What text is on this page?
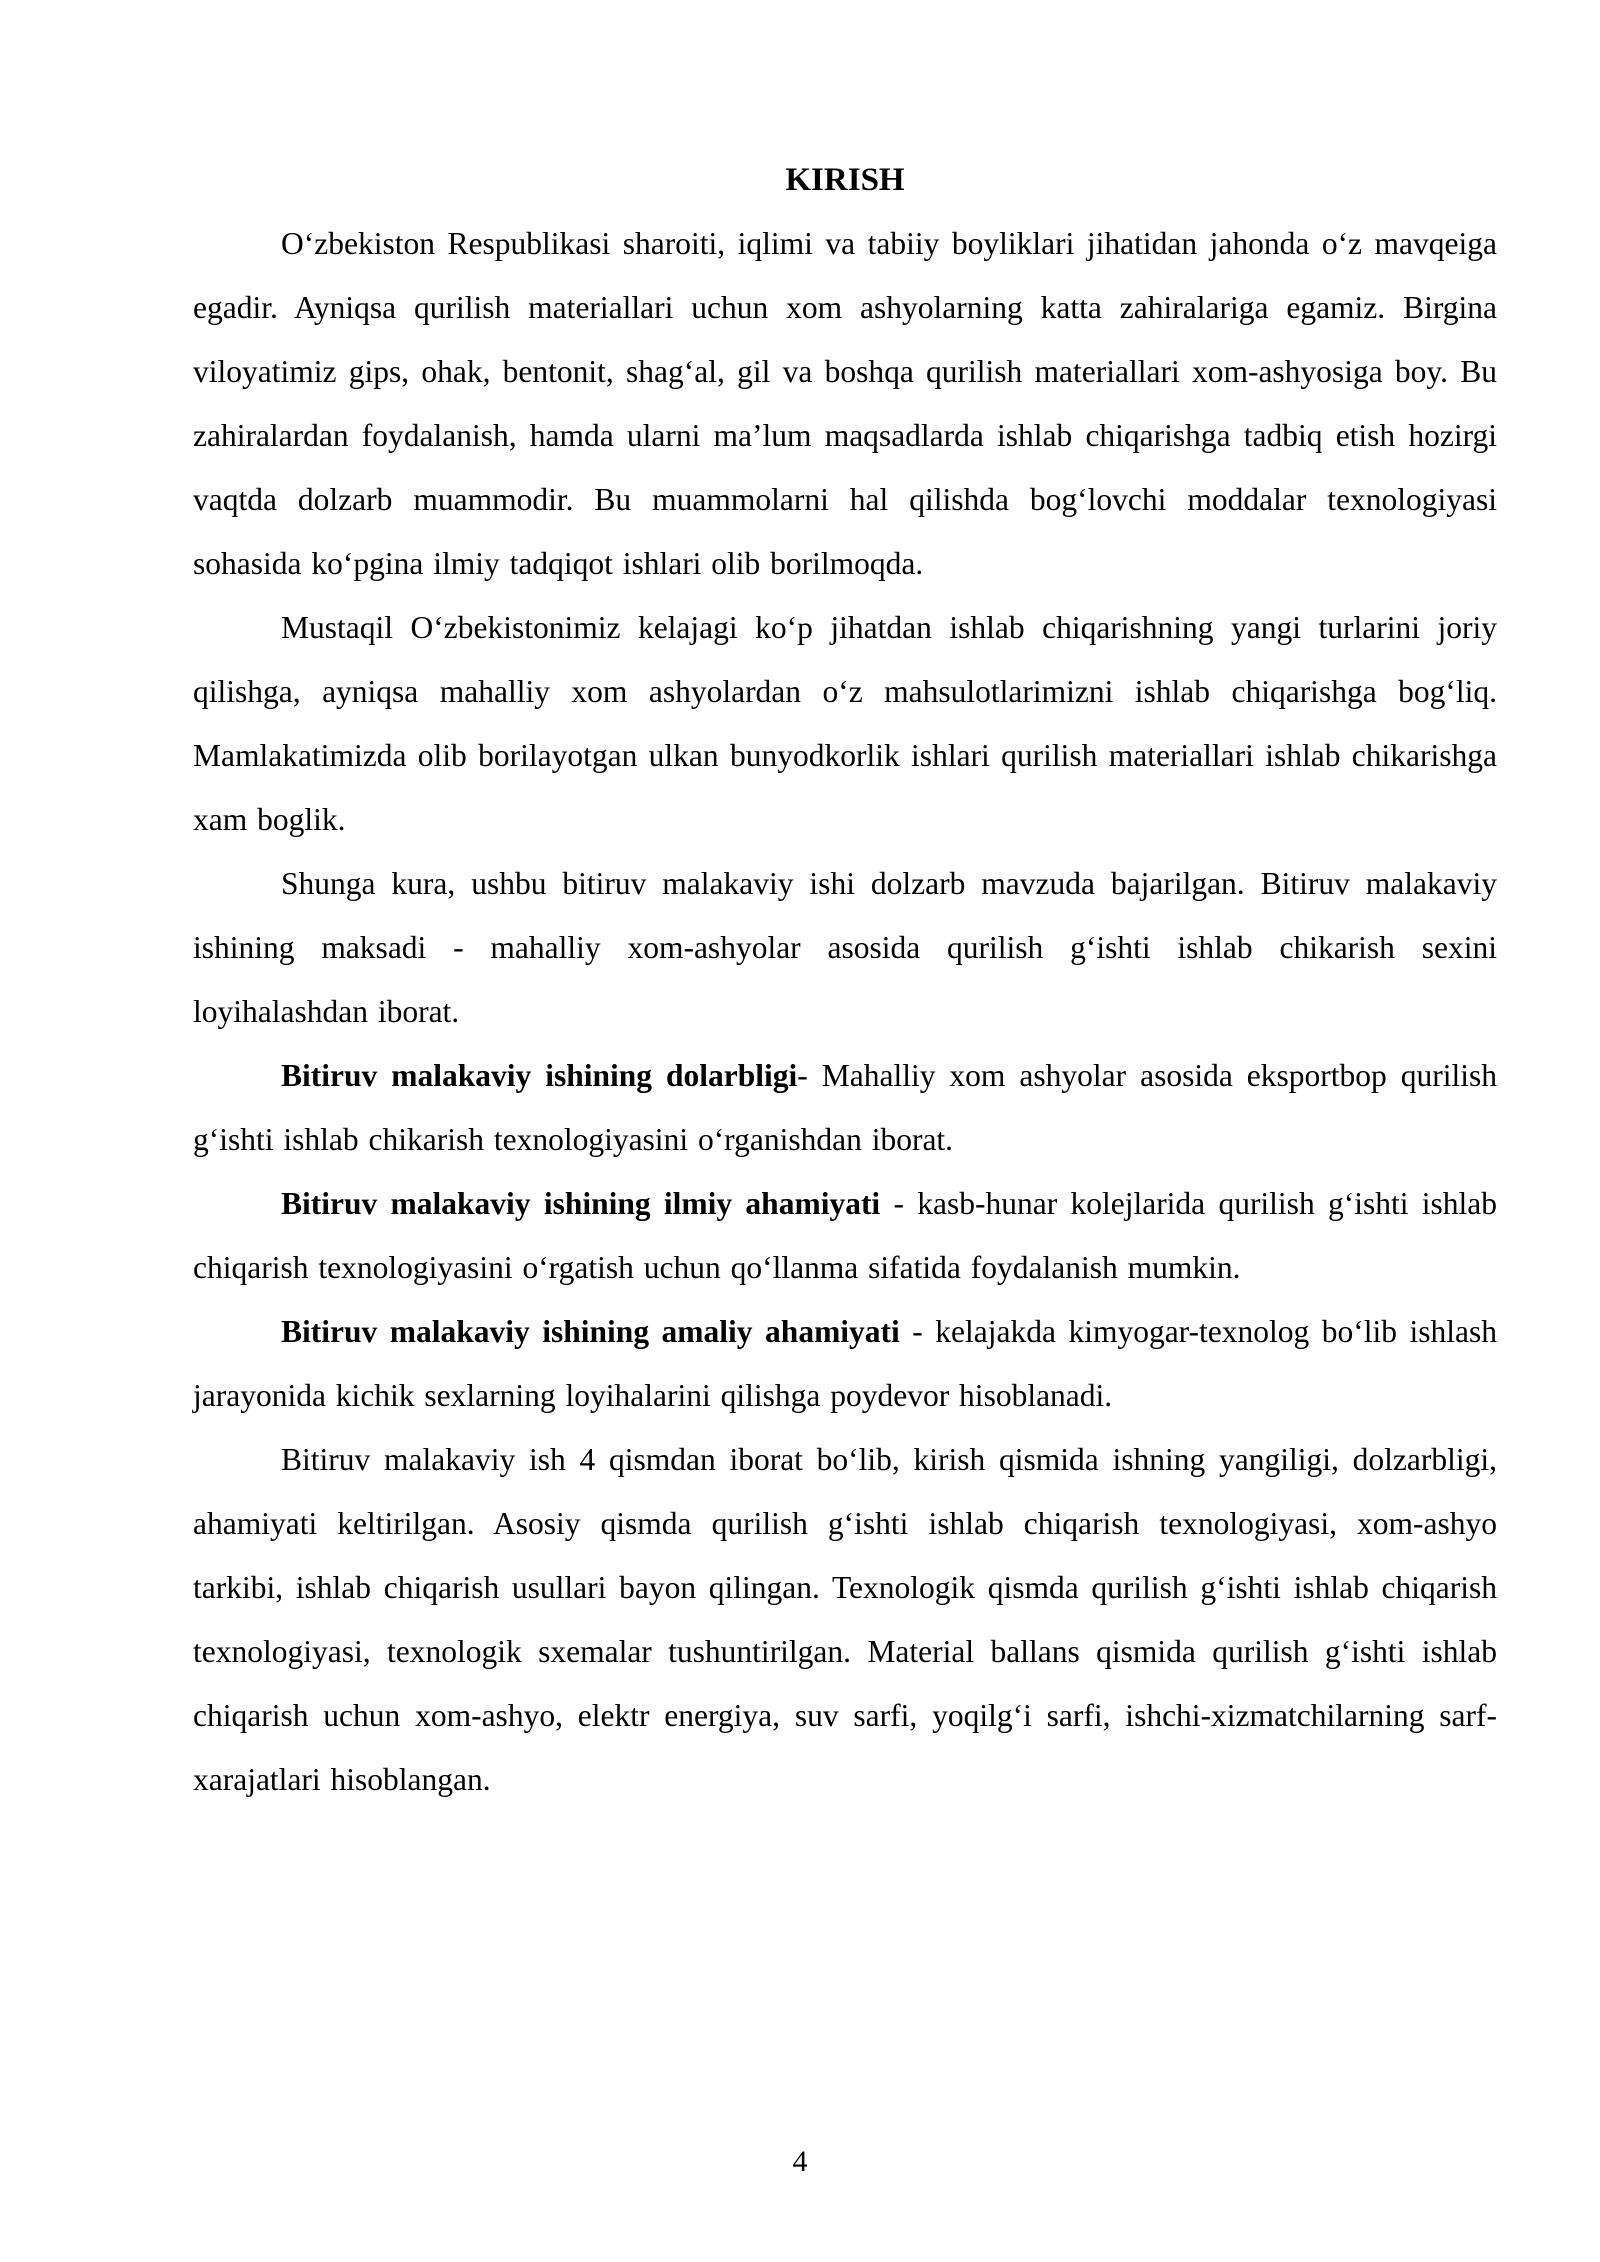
KIRISH

Oʻzbekiston Respublikasi sharoiti, iqlimi va tabiiy boyliklari jihatidan jahonda oʻz mavqeiga egadir. Ayniqsa qurilish materiallari uchun xom ashyolarning katta zahiralariga egamiz. Birgina viloyatimiz gips, ohak, bentonit, shagʻal, gil va boshqa qurilish materiallari xom-ashyosiga boy. Bu zahiralardan foydalanish, hamda ularni ma’lum maqsadlarda ishlab chiqarishga tadbiq etish hozirgi vaqtda dolzarb muammodir. Bu muammolarni hal qilishda bogʻlovchi moddalar texnologiyasi sohasida koʻpgina ilmiy tadqiqot ishlari olib borilmoqda.

Mustaqil Oʻzbekistonimiz kelajagi koʻp jihatdan ishlab chiqarishning yangi turlarini joriy qilishga, ayniqsa mahalliy xom ashyolardan oʻz mahsulotlarimizni ishlab chiqarishga bogʻliq. Mamlakatimizda olib borilayotgan ulkan bunyodkorlik ishlari qurilish materiallari ishlab chikarishga xam boglik.

Shunga kura, ushbu bitiruv malakaviy ishi dolzarb mavzuda bajarilgan. Bitiruv malakaviy ishining maksadi - mahalliy xom-ashyolar asosida qurilish gʻishti ishlab chikarish sexini loyihalashdan iborat.

Bitiruv malakaviy ishining dolarbligi- Mahalliy xom ashyolar asosida eksportbop qurilish gʻishti ishlab chikarish texnologiyasini oʻrganishdan iborat.

Bitiruv malakaviy ishining ilmiy ahamiyati - kasb-hunar kolejlarida qurilish gʻishti ishlab chiqarish texnologiyasini oʻrgatish uchun qoʻllanma sifatida foydalanish mumkin.

Bitiruv malakaviy ishining amaliy ahamiyati - kelajakda kimyogar-texnolog boʻlib ishlash jarayonida kichik sexlarning loyihalarini qilishga poydevor hisoblanadi.

Bitiruv malakaviy ish 4 qismdan iborat boʻlib, kirish qismida ishning yangiligi, dolzarbligi, ahamiyati keltirilgan. Asosiy qismda qurilish gʻishti ishlab chiqarish texnologiyasi, xom-ashyo tarkibi, ishlab chiqarish usullari bayon qilingan. Texnologik qismda qurilish gʻishti ishlab chiqarish texnologiyasi, texnologik sxemalar tushuntirilgan. Material ballans qismida qurilish gʻishti ishlab chiqarish uchun xom-ashyo, elektr energiya, suv sarfi, yoqilgʻi sarfi, ishchi-xizmatchilarning sarf-xarajatlari hisoblangan.

4
